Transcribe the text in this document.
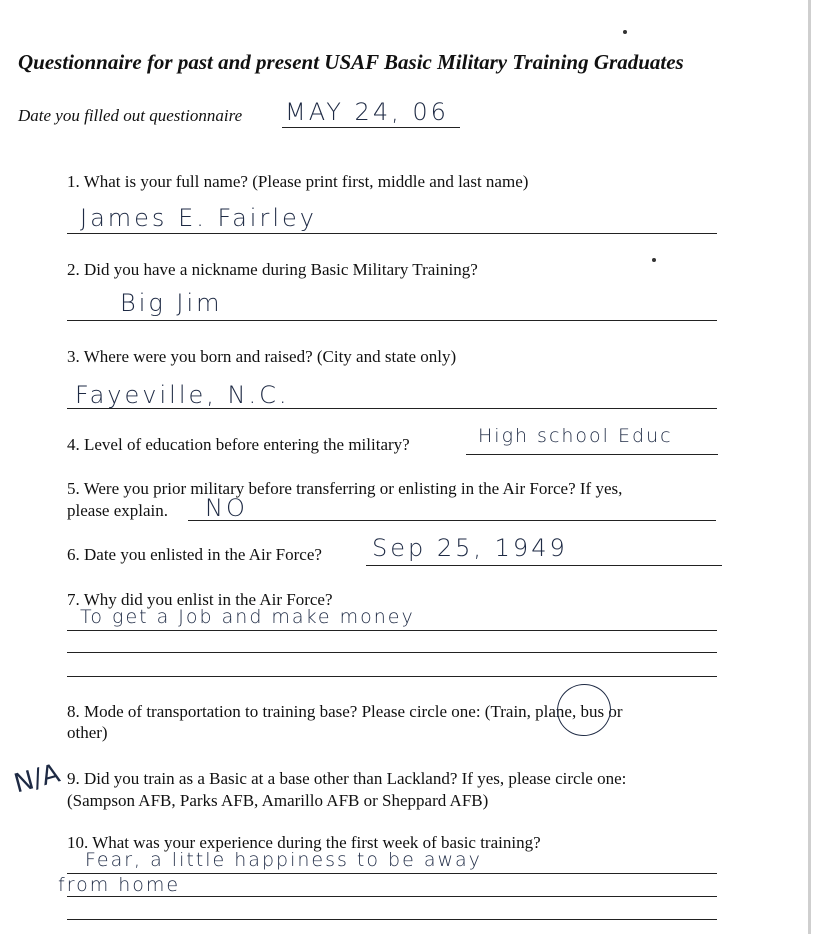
Questionnaire for past and present USAF Basic Military Training Graduates
Date you filled out questionnaire MAY 24, 06
1. What is your full name? (Please print first, middle and last name)
James E. Fairley
2. Did you have a nickname during Basic Military Training?
Big Jim
3. Where were you born and raised? (City and state only)
Fayeville, N.C.
4. Level of education before entering the military?	High school Educ
5. Were you prior military before transferring or enlisting in the Air Force? If yes,
please explain. NO
6. Date you enlisted in the Air Force? Sep 25, 1949
7. Why did you enlist in the Air Force?
To get a Job and make money
8. Mode of transportation to training base? Please circle one: (Train, plane, bus or
other)
N/A 9. Did you train as a Basic at a base other than Lackland? If yes, please circle one:
(Sampson AFB, Parks AFB, Amarillo AFB or Sheppard AFB)
10. What was your experience during the first week of basic training?
Fear, a little happiness to be away
from home
